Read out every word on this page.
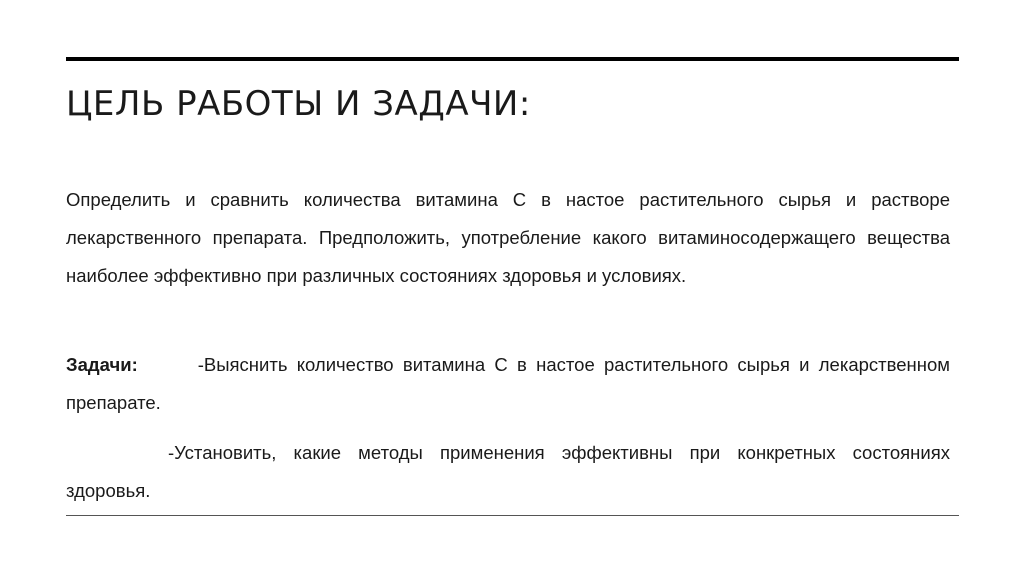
ЦЕЛЬ РАБОТЫ И ЗАДАЧИ:

Определить и сравнить количества витамина С в настое растительного сырья и растворе лекарственного препарата. Предположить, употребление какого витаминосодержащего вещества наиболее эффективно при различных состояниях здоровья и условиях.

Задачи:	-Выяснить количество витамина С в настое растительного сырья и лекарственном препарате.

-Установить, какие методы применения эффективны при конкретных состояниях здоровья.
